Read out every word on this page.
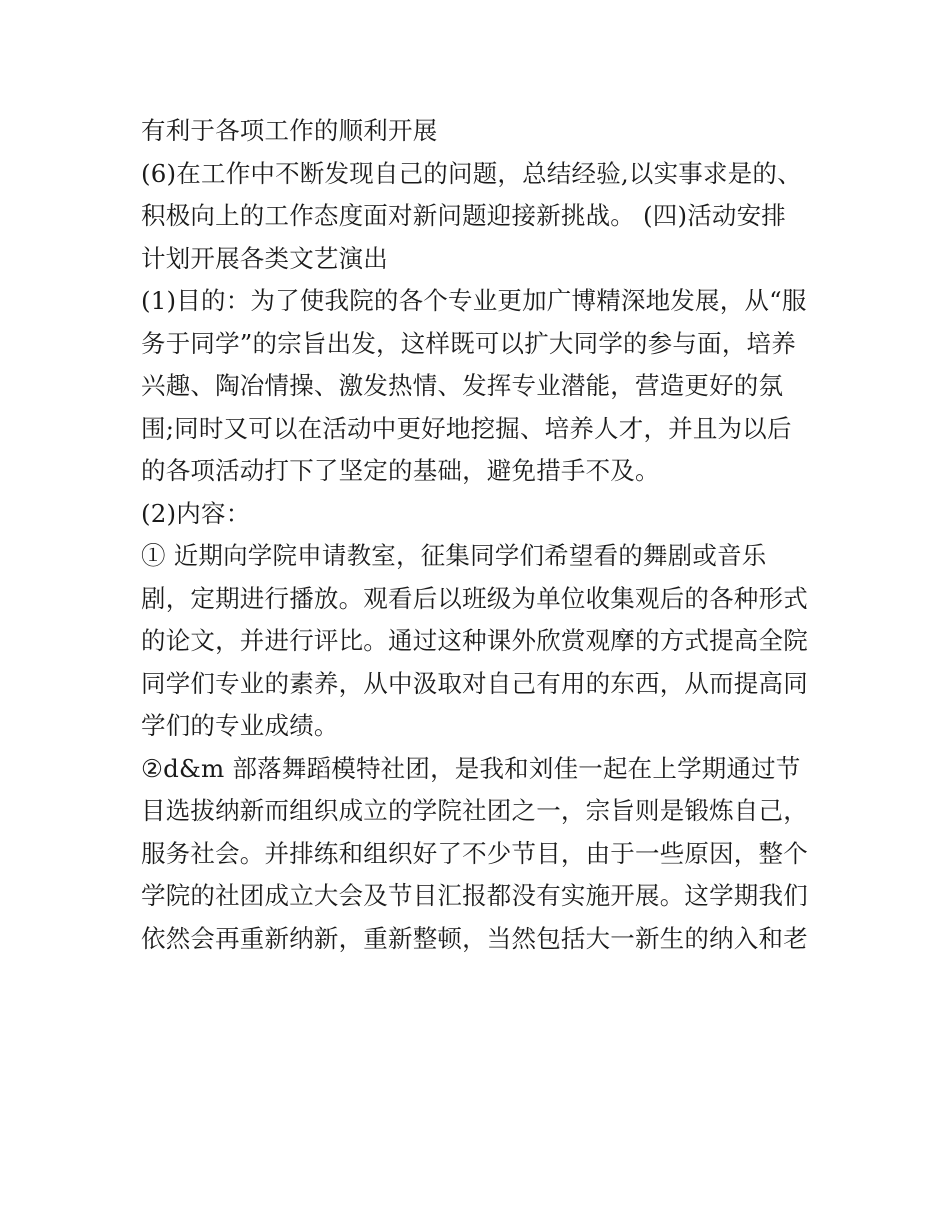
有利于各项工作的顺利开展
(6)在工作中不断发现自己的问题，总结经验,以实事求是的、
积极向上的工作态度面对新问题迎接新挑战。 (四)活动安排
计划开展各类文艺演出
(1)目的：为了使我院的各个专业更加广博精深地发展，从“服
务于同学”的宗旨出发，这样既可以扩大同学的参与面，培养
兴趣、陶冶情操、激发热情、发挥专业潜能，营造更好的氛
围;同时又可以在活动中更好地挖掘、培养人才，并且为以后
的各项活动打下了坚定的基础，避免措手不及。
(2)内容：
① 近期向学院申请教室，征集同学们希望看的舞剧或音乐
剧，定期进行播放。观看后以班级为单位收集观后的各种形式
的论文，并进行评比。通过这种课外欣赏观摩的方式提高全院
同学们专业的素养，从中汲取对自己有用的东西，从而提高同
学们的专业成绩。
②d&m 部落舞蹈模特社团，是我和刘佳一起在上学期通过节
目选拔纳新而组织成立的学院社团之一，宗旨则是锻炼自己，
服务社会。并排练和组织好了不少节目，由于一些原因，整个
学院的社团成立大会及节目汇报都没有实施开展。这学期我们
依然会再重新纳新，重新整顿，当然包括大一新生的纳入和老
